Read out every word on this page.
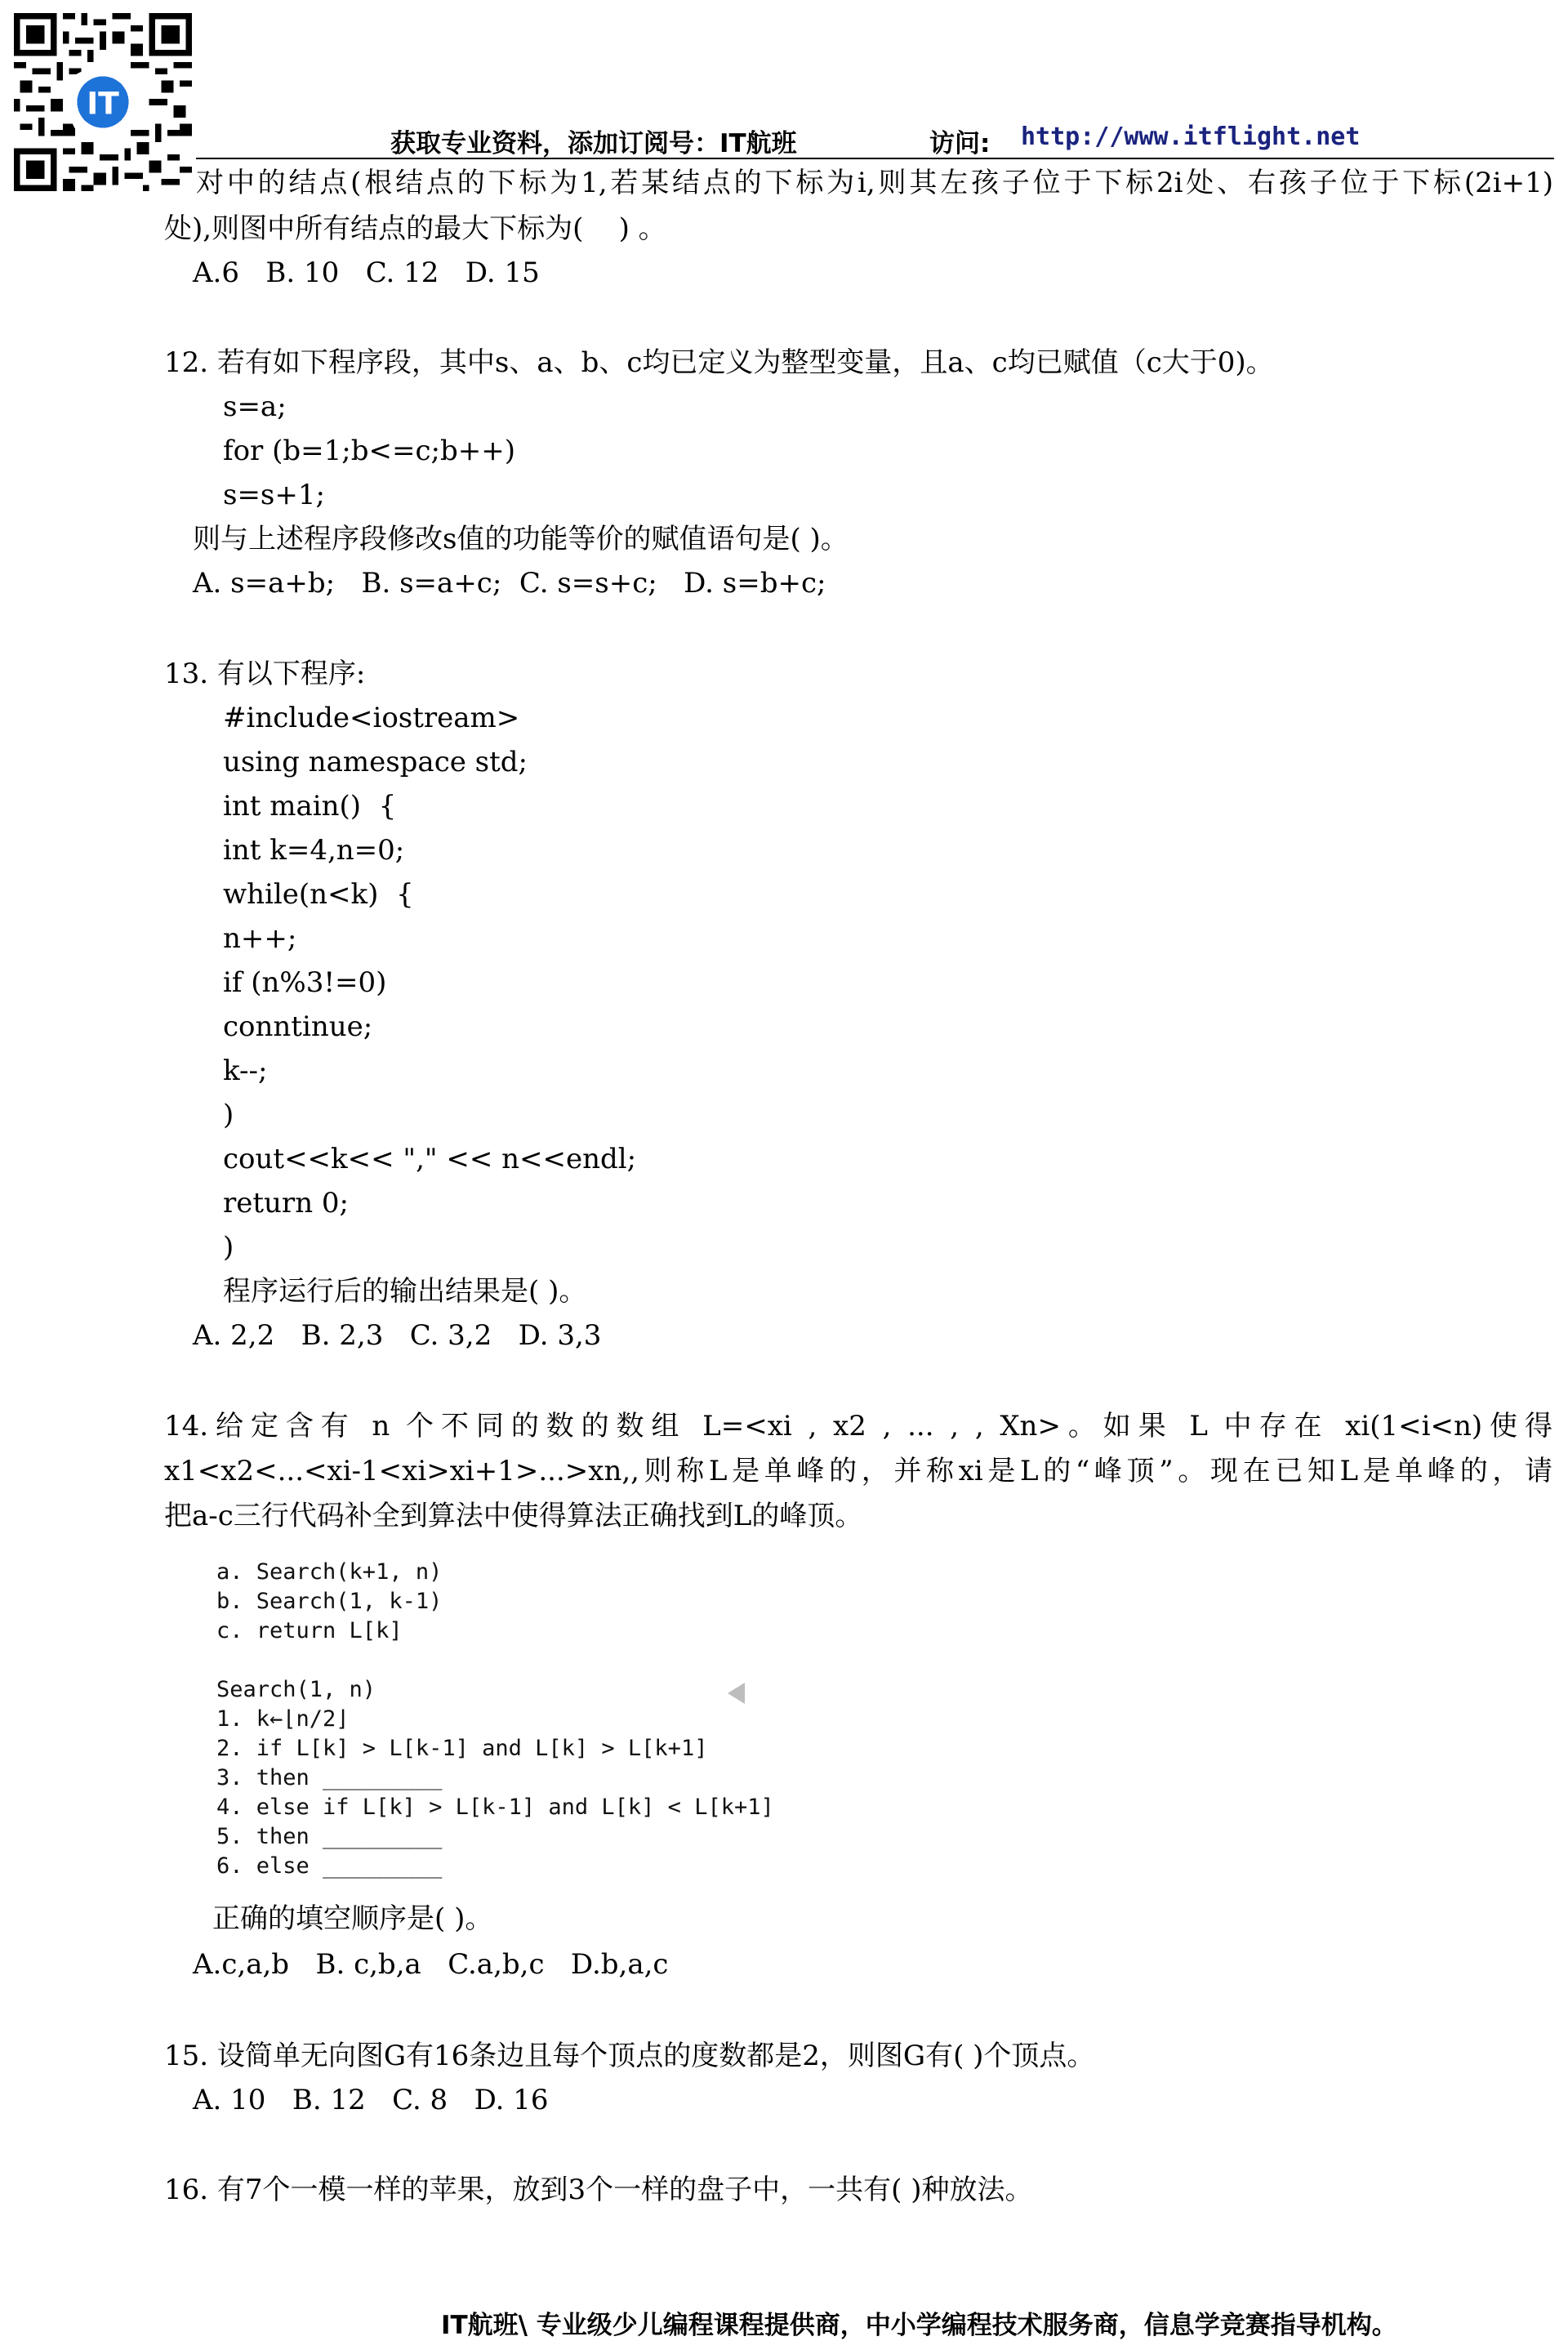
IT
获取专业资料，添加订阅号：IT航班	访问: http://www.itflight.net
对中的结点(根结点的下标为1,若某结点的下标为i,则其左孩子位于下标2i处、右孩子位于下标(2i+1)
处),则图中所有结点的最大下标为(    ) 。
A.6   B. 10   C. 12   D. 15
12. 若有如下程序段，其中s、a、b、c均已定义为整型变量，且a、c均已赋值（c大于0)。
s=a;
for (b=1;b<=c;b++)
s=s+1;
则与上述程序段修改s值的功能等价的赋值语句是( )。
A. s=a+b;   B. s=a+c;  C. s=s+c;   D. s=b+c;
13. 有以下程序:
#include<iostream>
using namespace std;
int main()  {
int k=4,n=0;
while(n<k)  {
n++;
if (n%3!=0)
conntinue;
k--;
)
cout<<k<< "," << n<<endl;
return 0;
)
程序运行后的输出结果是( )。
A. 2,2   B. 2,3   C. 3,2   D. 3,3
14.给定含有 n 个不同的数的数组 L=<xi , x2 , ... , , Xn>。如果 L 中存在 xi(1<i<n)使得
x1<x2<...<xi-1<xi>xi+1>...>xn,,则称L是单峰的，并称xi是L的“峰顶”。现在已知L是单峰的，请
把a-c三行代码补全到算法中使得算法正确找到L的峰顶。
a. Search(k+1, n)
b. Search(1, k-1)
c. return L[k]
Search(1, n)
1. k←⌊n/2⌋
2. if L[k] > L[k-1] and L[k] > L[k+1]
3. then _________
4. else if L[k] > L[k-1] and L[k] < L[k+1]
5. then _________
6. else _________
正确的填空顺序是( )。
A.c,a,b   B. c,b,a   C.a,b,c   D.b,a,c
15. 设简单无向图G有16条边且每个顶点的度数都是2，则图G有( )个顶点。
A. 10   B. 12   C. 8   D. 16
16. 有7个一模一样的苹果，放到3个一样的盘子中，一共有( )种放法。
IT航班\ 专业级少儿编程课程提供商，中小学编程技术服务商，信息学竞赛指导机构。
